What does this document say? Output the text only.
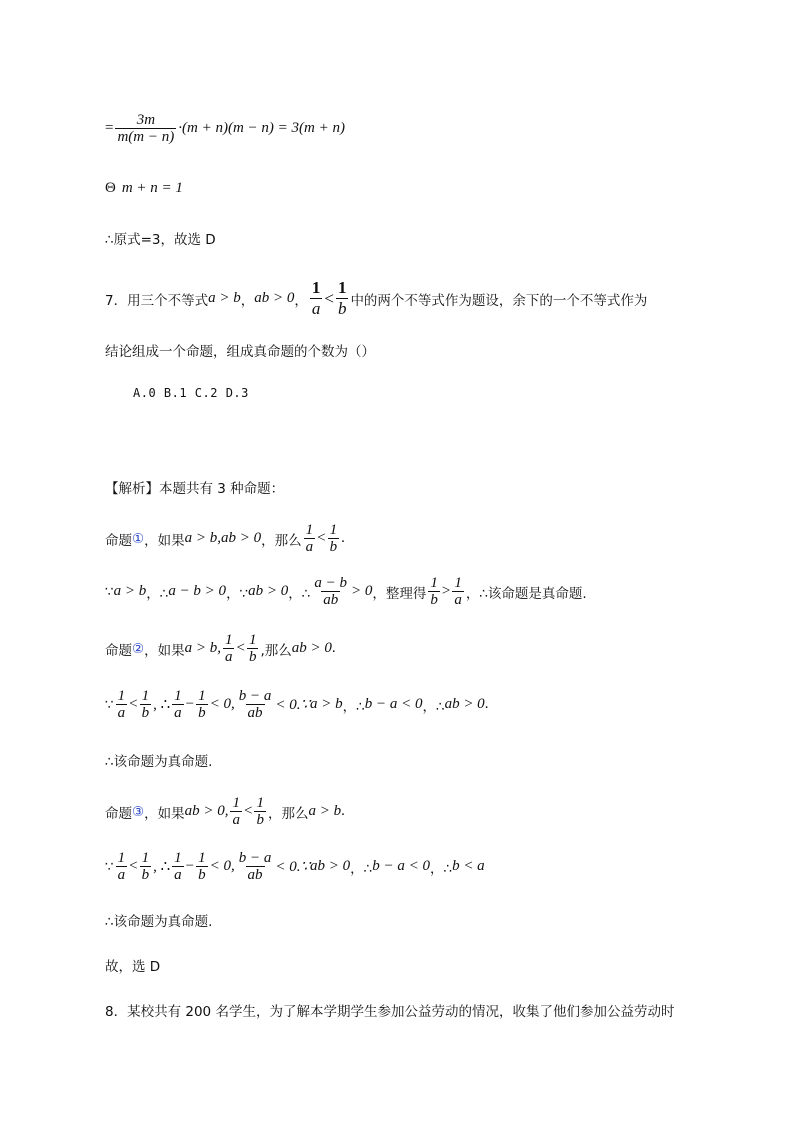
= $\frac{3m}{m(m - n)} \cdot(m + n)(m - n) = 3(m + n)$
Θ m + n = 1
∴原式=3，故选 D
7．用三个不等式 a > b ， ab > 0 ， $\frac{1}{a} < \frac{1}{b}$ 中的两个不等式作为题设，余下的一个不等式作为
结论组成一个命题，组成真命题的个数为（）
A.0 B.1 C.2 D.3
【解析】本题共有 3 种命题：
命题 ① ，如果 a > b,ab > 0 ，那么 $\frac{1}{a} < \frac{1}{b}$ .
∵ a > b ，∴ a − b > 0 ，∵ ab > 0 ，∴ $\frac{a - b}{ab} > 0$ ，整理得 $\frac{1}{b} > \frac{1}{a}$ ，∴该命题是真命题.
命题 ② ，如果 a > b, $\frac{1}{a} < \frac{1}{b}$ ,那么 ab > 0 .
∵ $\frac{1}{a} < \frac{1}{b}$ , ∴ $\frac{1}{a} - \frac{1}{b} < 0$, $\frac{b - a}{ab}$ < 0.∵ a > b ，∴ b − a < 0 ，∴ ab > 0 .
∴该命题为真命题.
命题 ③ ，如果 ab > 0, $\frac{1}{a} < \frac{1}{b}$ ，那么 a > b .
∵ $\frac{1}{a} < \frac{1}{b}$ , ∴ $\frac{1}{a} - \frac{1}{b} < 0$, $\frac{b - a}{ab}$ < 0.∵ ab > 0 ，∴ b − a < 0 ，∴ b < a
∴该命题为真命题.
故，选 D
8．某校共有 200 名学生，为了解本学期学生参加公益劳动的情况，收集了他们参加公益劳动时
